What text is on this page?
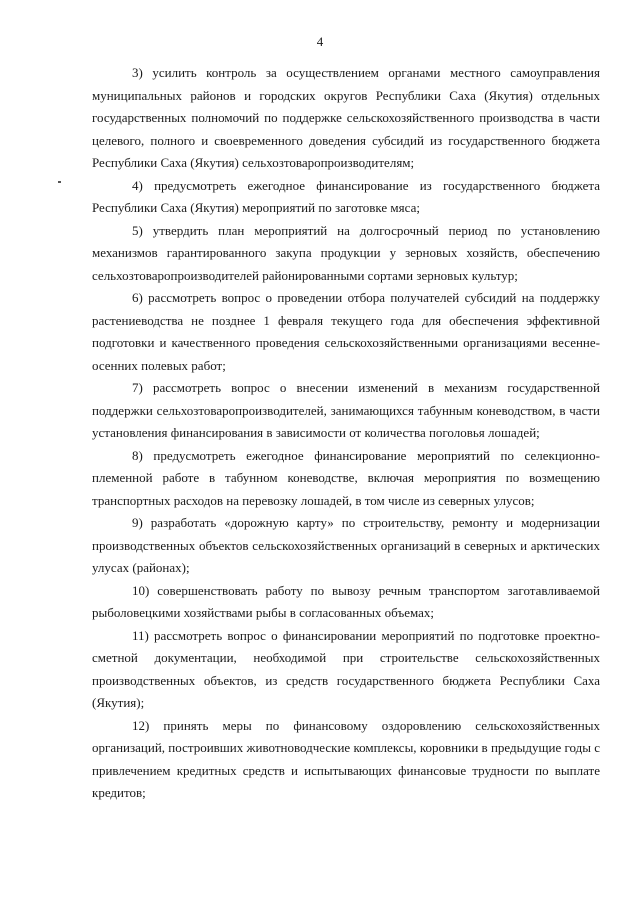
4

3) усилить контроль за осуществлением органами местного самоуправления муниципальных районов и городских округов Республики Саха (Якутия) отдельных государственных полномочий по поддержке сельскохозяйственного производства в части целевого, полного и своевременного доведения субсидий из государственного бюджета Республики Саха (Якутия) сельхозтоваропроизводителям;

4) предусмотреть ежегодное финансирование из государственного бюджета Республики Саха (Якутия) мероприятий по заготовке мяса;

5) утвердить план мероприятий на долгосрочный период по установлению механизмов гарантированного закупа продукции у зерновых хозяйств, обеспечению сельхозтоваропроизводителей районированными сортами зерновых культур;

6) рассмотреть вопрос о проведении отбора получателей субсидий на поддержку растениеводства не позднее 1 февраля текущего года для обеспечения эффективной подготовки и качественного проведения сельскохозяйственными организациями весенне-осенних полевых работ;

7) рассмотреть вопрос о внесении изменений в механизм государственной поддержки сельхозтоваропроизводителей, занимающихся табунным коневодством, в части установления финансирования в зависимости от количества поголовья лошадей;

8) предусмотреть ежегодное финансирование мероприятий по селекционно-племенной работе в табунном коневодстве, включая мероприятия по возмещению транспортных расходов на перевозку лошадей, в том числе из северных улусов;

9) разработать «дорожную карту» по строительству, ремонту и модернизации производственных объектов сельскохозяйственных организаций в северных и арктических улусах (районах);

10) совершенствовать работу по вывозу речным транспортом заготавливаемой рыболовецкими хозяйствами рыбы в согласованных объемах;

11) рассмотреть вопрос о финансировании мероприятий по подготовке проектно-сметной документации, необходимой при строительстве сельскохозяйственных производственных объектов, из средств государственного бюджета Республики Саха (Якутия);

12) принять меры по финансовому оздоровлению сельскохозяйственных организаций, построивших животноводческие комплексы, коровники в предыдущие годы с привлечением кредитных средств и испытывающих финансовые трудности по выплате кредитов;
